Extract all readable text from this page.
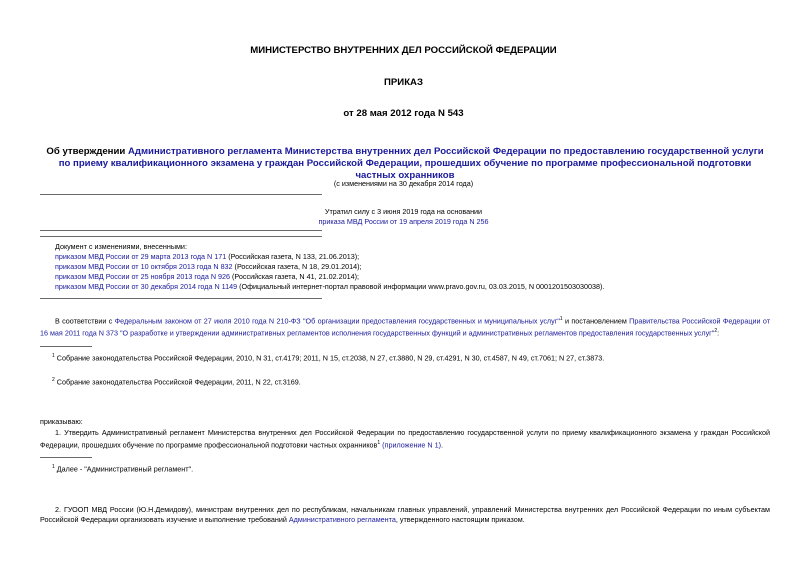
МИНИСТЕРСТВО ВНУТРЕННИХ ДЕЛ РОССИЙСКОЙ ФЕДЕРАЦИИ
ПРИКАЗ
от 28 мая 2012 года N 543
Об утверждении Административного регламента Министерства внутренних дел Российской Федерации по предоставлению государственной услуги по приему квалификационного экзамена у граждан Российской Федерации, прошедших обучение по программе профессиональной подготовки частных охранников
(с изменениями на 30 декабря 2014 года)
Утратил силу с 3 июня 2019 года на основании
приказа МВД России от 19 апреля 2019 года N 256
Документ с изменениями, внесенными:
приказом МВД России от 29 марта 2013 года N 171 (Российская газета, N 133, 21.06.2013);
приказом МВД России от 10 октября 2013 года N 832 (Российская газета, N 18, 29.01.2014);
приказом МВД России от 25 ноября 2013 года N 926 (Российская газета, N 41, 21.02.2014);
приказом МВД России от 30 декабря 2014 года N 1149 (Официальный интернет-портал правовой информации www.pravo.gov.ru, 03.03.2015, N 0001201503030038).
В соответствии с Федеральным законом от 27 июля 2010 года N 210-ФЗ "Об организации предоставления государственных и муниципальных услуг"$^1$ и постановлением Правительства Российской Федерации от 16 мая 2011 года N 373 "О разработке и утверждении административных регламентов исполнения государственных функций и административных регламентов предоставления государственных услуг"$^2$:
$^1$ Собрание законодательства Российской Федерации, 2010, N 31, ст.4179; 2011, N 15, ст.2038, N 27, ст.3880, N 29, ст.4291, N 30, ст.4587, N 49, ст.7061; N 27, ст.3873.
$^2$ Собрание законодательства Российской Федерации, 2011, N 22, ст.3169.
приказываю:
1. Утвердить Административный регламент Министерства внутренних дел Российской Федерации по предоставлению государственной услуги по приему квалификационного экзамена у граждан Российской Федерации, прошедших обучение по программе профессиональной подготовки частных охранников$^1$ (приложение N 1).
$^1$ Далее - "Административный регламент".
2. ГУООП МВД России (Ю.Н.Демидову), министрам внутренних дел по республикам, начальникам главных управлений, управлений Министерства внутренних дел Российской Федерации по иным субъектам Российской Федерации организовать изучение и выполнение требований Административного регламента, утвержденного настоящим приказом.
